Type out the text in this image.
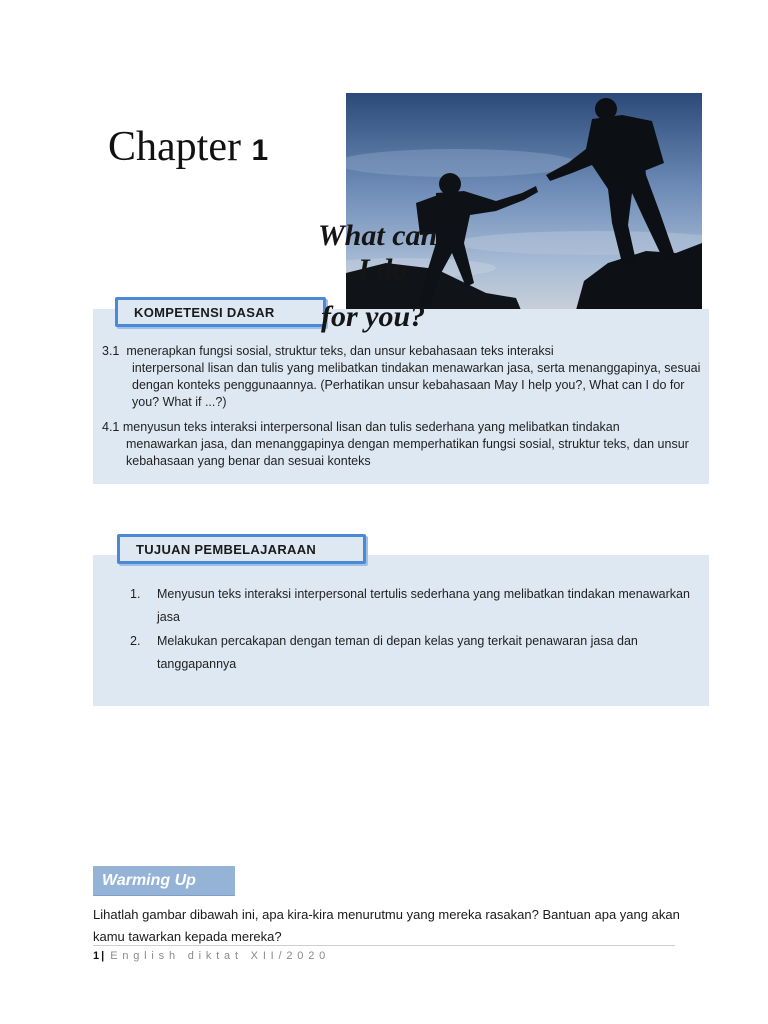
Chapter 1
3.1 menerapkan fungsi sosial, struktur teks, dan unsur kebahasaan teks interaksi
interpersonal lisan dan tulis yang melibatkan tindakan menawarkan jasa, serta menanggapinya, sesuai dengan konteks penggunaannya. (Perhatikan unsur kebahasaan May I help you?, What can I do for you? What if ...?)
4.1 menyusun teks interaksi interpersonal lisan dan tulis sederhana yang melibatkan tindakan
menawarkan jasa, dan menanggapinya dengan memperhatikan fungsi sosial, struktur teks, dan unsur kebahasaan yang benar dan sesuai konteks
KOMPETENSI DASAR
What can
I do
for you?
TUJUAN PEMBELAJARAAN
1.	Menyusun teks interaksi interpersonal tertulis sederhana yang melibatkan tindakan menawarkan jasa
2.	Melakukan percakapan dengan teman di depan kelas yang terkait penawaran jasa dan tanggapannya
Warming Up
Lihatlah gambar dibawah ini, apa kira-kira menurutmu yang mereka rasakan? Bantuan apa yang akan kamu tawarkan kepada mereka?
1 | English diktat XII/2020
